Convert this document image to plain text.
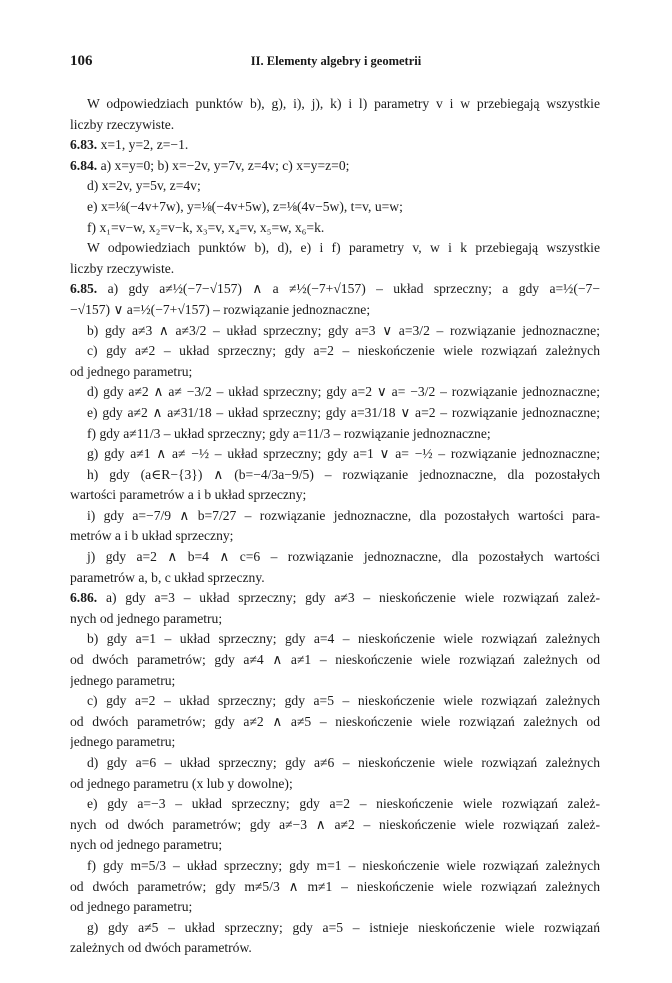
106	II. Elementy algebry i geometrii
W odpowiedziach punktów b), g), i), j), k) i l) parametry v i w przebiegają wszystkie
liczby rzeczywiste.
6.83. x=1, y=2, z=−1.
6.84. a) x=y=0; b) x=−2v, y=7v, z=4v; c) x=y=z=0;
d) x=2v, y=5v, z=4v;
e) x=⅛(−4v+7w), y=⅛(−4v+5w), z=⅛(4v−5w), t=v, u=w;
f) x₁=v−w, x₂=v−k, x₃=v, x₄=v, x₅=w, x₆=k.
W odpowiedziach punktów b), d), e) i f) parametry v, w i k przebiegają wszystkie
liczby rzeczywiste.
6.85. a) gdy a≠½(−7−√157) ∧ a ≠½(−7+√157) – układ sprzeczny; a gdy a=½(−7−
−√157) ∨ a=½(−7+√157) – rozwiązanie jednoznaczne;
b) gdy a≠3 ∧ a≠3/2 – układ sprzeczny; gdy a=3 ∨ a=3/2 – rozwiązanie jednoznaczne;
c) gdy a≠2 – układ sprzeczny; gdy a=2 – nieskończenie wiele rozwiązań zależnych
od jednego parametru;
d) gdy a≠2 ∧ a≠ −3/2 – układ sprzeczny; gdy a=2 ∨ a= −3/2 – rozwiązanie jednoznaczne;
e) gdy a≠2 ∧ a≠31/18 – układ sprzeczny; gdy a=31/18 ∨ a=2 – rozwiązanie jednoznaczne;
f) gdy a≠11/3 – układ sprzeczny; gdy a=11/3 – rozwiązanie jednoznaczne;
g) gdy a≠1 ∧ a≠ −½ – układ sprzeczny; gdy a=1 ∨ a= −½ – rozwiązanie jednoznaczne;
h) gdy (a∈R−{3}) ∧ (b=−4/3a−9/5) – rozwiązanie jednoznaczne, dla pozostałych
wartości parametrów a i b układ sprzeczny;
i) gdy a=−7/9 ∧ b=7/27 – rozwiązanie jednoznaczne, dla pozostałych wartości para-
metrów a i b układ sprzeczny;
j) gdy a=2 ∧ b=4 ∧ c=6 – rozwiązanie jednoznaczne, dla pozostałych wartości
parametrów a, b, c układ sprzeczny.
6.86. a) gdy a=3 – układ sprzeczny; gdy a≠3 – nieskończenie wiele rozwiązań zależ-
nych od jednego parametru;
b) gdy a=1 – układ sprzeczny; gdy a=4 – nieskończenie wiele rozwiązań zależnych
od dwóch parametrów; gdy a≠4 ∧ a≠1 – nieskończenie wiele rozwiązań zależnych od
jednego parametru;
c) gdy a=2 – układ sprzeczny; gdy a=5 – nieskończenie wiele rozwiązań zależnych
od dwóch parametrów; gdy a≠2 ∧ a≠5 – nieskończenie wiele rozwiązań zależnych od
jednego parametru;
d) gdy a=6 – układ sprzeczny; gdy a≠6 – nieskończenie wiele rozwiązań zależnych
od jednego parametru (x lub y dowolne);
e) gdy a=−3 – układ sprzeczny; gdy a=2 – nieskończenie wiele rozwiązań zależ-
nych od dwóch parametrów; gdy a≠−3 ∧ a≠2 – nieskończenie wiele rozwiązań zależ-
nych od jednego parametru;
f) gdy m=5/3 – układ sprzeczny; gdy m=1 – nieskończenie wiele rozwiązań zależnych
od dwóch parametrów; gdy m≠5/3 ∧ m≠1 – nieskończenie wiele rozwiązań zależnych
od jednego parametru;
g) gdy a≠5 – układ sprzeczny; gdy a=5 – istnieje nieskończenie wiele rozwiązań
zależnych od dwóch parametrów.
